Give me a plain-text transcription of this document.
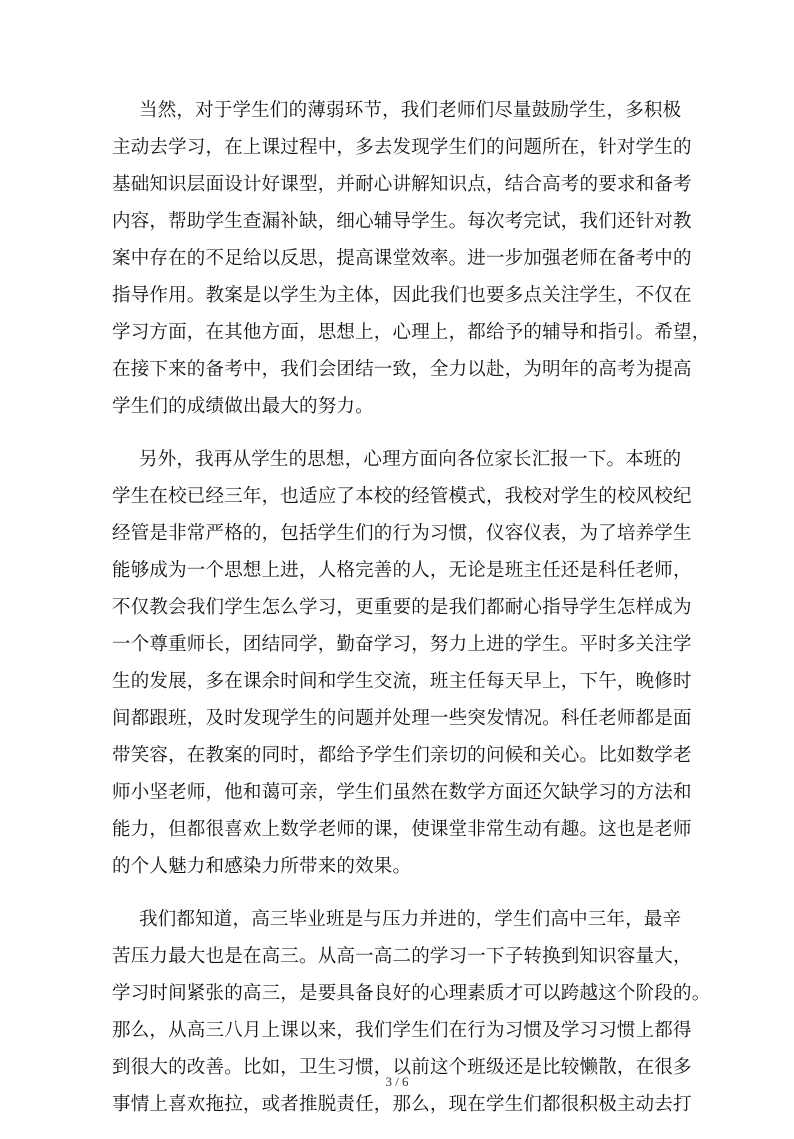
当然，对于学生们的薄弱环节，我们老师们尽量鼓励学生，多积极
主动去学习，在上课过程中，多去发现学生们的问题所在，针对学生的
基础知识层面设计好课型，并耐心讲解知识点，结合高考的要求和备考
内容，帮助学生查漏补缺，细心辅导学生。每次考完试，我们还针对教
案中存在的不足给以反思，提高课堂效率。进一步加强老师在备考中的
指导作用。教案是以学生为主体，因此我们也要多点关注学生，不仅在
学习方面，在其他方面，思想上，心理上，都给予的辅导和指引。希望，
在接下来的备考中，我们会团结一致，全力以赴，为明年的高考为提高
学生们的成绩做出最大的努力。
另外，我再从学生的思想，心理方面向各位家长汇报一下。本班的
学生在校已经三年，也适应了本校的经管模式，我校对学生的校风校纪
经管是非常严格的，包括学生们的行为习惯，仪容仪表，为了培养学生
能够成为一个思想上进，人格完善的人，无论是班主任还是科任老师，
不仅教会我们学生怎么学习，更重要的是我们都耐心指导学生怎样成为
一个尊重师长，团结同学，勤奋学习，努力上进的学生。平时多关注学
生的发展，多在课余时间和学生交流，班主任每天早上，下午，晚修时
间都跟班，及时发现学生的问题并处理一些突发情况。科任老师都是面
带笑容，在教案的同时，都给予学生们亲切的问候和关心。比如数学老
师小坚老师，他和蔼可亲，学生们虽然在数学方面还欠缺学习的方法和
能力，但都很喜欢上数学老师的课，使课堂非常生动有趣。这也是老师
的个人魅力和感染力所带来的效果。
我们都知道，高三毕业班是与压力并进的，学生们高中三年，最辛
苦压力最大也是在高三。从高一高二的学习一下子转换到知识容量大，
学习时间紧张的高三，是要具备良好的心理素质才可以跨越这个阶段的。
那么，从高三八月上课以来，我们学生们在行为习惯及学习习惯上都得
到很大的改善。比如，卫生习惯，以前这个班级还是比较懒散，在很多
事情上喜欢拖拉，或者推脱责任，那么，现在学生们都很积极主动去打
3 / 6
